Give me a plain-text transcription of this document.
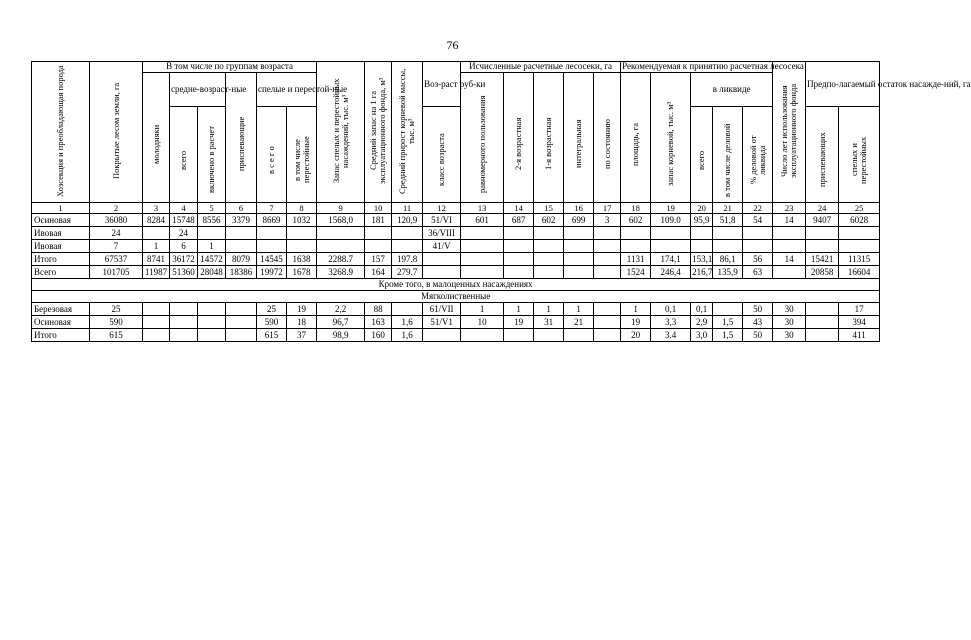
76
Хозсекция и преобладающая порода	Покрытые лесом земли, га	В том числе по группам возраста						Запас спелых и перестойных насаждений, тыс. м³	Средний запас на 1 га эксплуатационного фонда, м³	Средний прирост корневой массы, тыс. м³	Воз-раст руб-ки	Исчисленные расчетные лесосеки, га					Рекомендуемая к принятию расчетная лесосека					Число лет использования эксплуатационного фонда	Предпо-лагаемый остаток насажде-ний, га	
		молодняки	средне-возраст-ные		приспевающие	спелые и перестой-ные						равномерного пользования	2-я возрастная	1-я возрастная	интегральная	по состоянию	площадь, га	запас корневой, тыс. м³	в ликвиде					
			всего	включено в расчет		в с е г о	в том числе перестойные				класс возраста								всего	в том числе деловой	% деловой от ликвида		приспевающих	спелых и перестойных
1	2	3	4	5	6	7	8	9	10	11	12	13	14	15	16	17	18	19	20	21	22	23	24	25
Осиновая	36080	8284	15748	8556	3379	8669	1032	1568,0	181	120,9	51/VI	601	687	602	699	3	602	109.0	95,9	51,8	54	14	9407	6028
Ивовая	24		24								36/VIII													
Ивовая	7	1	6	1							41/V													
Итого	67537	8741	36172	14572	8079	14545	1638	2288.7	157	197.8							1131	174,1	153,1	86,1	56	14	15421	11315
Всего	101705	11987	51360	28048	18386	19972	1678	3268.9	164	279.7							1524	246,4	216,7	135,9	63		20858	16604
Кроме того, в малоценных насаждениях																								
Мягколиственные																								
Березовая	25					25	19	2,2	88		61/VII	1	1	1	1		1	0,1	0,1		50	30		17
Осиновая	590					590	18	96,7	163	1,6	51/V1	10	19	31	21		19	3,3	2,9	1,5	43	30		394
Итого	615					615	37	98,9	160	1,6							20	3.4	3,0	1,5	50	30		411
